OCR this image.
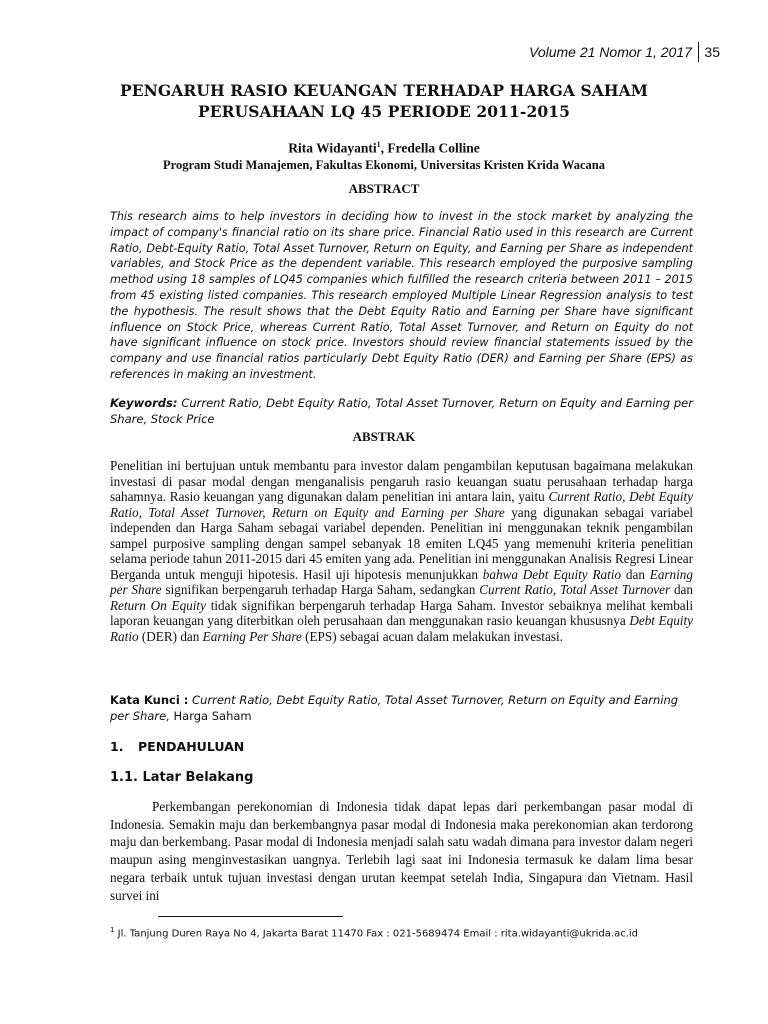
Volume 21 Nomor 1, 2017 35
PENGARUH RASIO KEUANGAN TERHADAP HARGA SAHAM
PERUSAHAAN LQ 45 PERIODE 2011-2015
Rita Widayanti$^1$, Fredella Colline
Program Studi Manajemen, Fakultas Ekonomi, Universitas Kristen Krida Wacana
ABSTRACT

This research aims to help investors in deciding how to invest in the stock market by analyzing the impact of company's financial ratio on its share price. Financial Ratio used in this research are Current Ratio, Debt-Equity Ratio, Total Asset Turnover, Return on Equity, and Earning per Share as independent variables, and Stock Price as the dependent variable. This research employed the purposive sampling method using 18 samples of LQ45 companies which fulfilled the research criteria between 2011 – 2015 from 45 existing listed companies. This research employed Multiple Linear Regression analysis to test the hypothesis. The result shows that the Debt Equity Ratio and Earning per Share have significant influence on Stock Price, whereas Current Ratio, Total Asset Turnover, and Return on Equity do not have significant influence on stock price. Investors should review financial statements issued by the company and use financial ratios particularly Debt Equity Ratio (DER) and Earning per Share (EPS) as references in making an investment.

Keywords: Current Ratio, Debt Equity Ratio, Total Asset Turnover, Return on Equity and Earning per Share, Stock Price

ABSTRAK

Penelitian ini bertujuan untuk membantu para investor dalam pengambilan keputusan bagaimana melakukan investasi di pasar modal dengan menganalisis pengaruh rasio keuangan suatu perusahaan terhadap harga sahamnya. Rasio keuangan yang digunakan dalam penelitian ini antara lain, yaitu Current Ratio, Debt Equity Ratio, Total Asset Turnover, Return on Equity and Earning per Share yang digunakan sebagai variabel independen dan Harga Saham sebagai variabel dependen. Penelitian ini menggunakan teknik pengambilan sampel purposive sampling dengan sampel sebanyak 18 emiten LQ45 yang memenuhi kriteria penelitian selama periode tahun 2011-2015 dari 45 emiten yang ada. Penelitian ini menggunakan Analisis Regresi Linear Berganda untuk menguji hipotesis. Hasil uji hipotesis menunjukkan bahwa Debt Equity Ratio dan Earning per Share signifikan berpengaruh terhadap Harga Saham, sedangkan Current Ratio, Total Asset Turnover dan Return On Equity tidak signifikan berpengaruh terhadap Harga Saham. Investor sebaiknya melihat kembali laporan keuangan yang diterbitkan oleh perusahaan dan menggunakan rasio keuangan khususnya Debt Equity Ratio (DER) dan Earning Per Share (EPS) sebagai acuan dalam melakukan investasi.

Kata Kunci : Current Ratio, Debt Equity Ratio, Total Asset Turnover, Return on Equity and Earning per Share, Harga Saham

1. PENDAHULUAN
1.1. Latar Belakang

Perkembangan perekonomian di Indonesia tidak dapat lepas dari perkembangan pasar modal di Indonesia. Semakin maju dan berkembangnya pasar modal di Indonesia maka perekonomian akan terdorong maju dan berkembang. Pasar modal di Indonesia menjadi salah satu wadah dimana para investor dalam negeri maupun asing menginvestasikan uangnya. Terlebih lagi saat ini Indonesia termasuk ke dalam lima besar negara terbaik untuk tujuan investasi dengan urutan keempat setelah India, Singapura dan Vietnam. Hasil survei ini

$^1$ Jl. Tanjung Duren Raya No 4, Jakarta Barat 11470 Fax : 021-5689474 Email : rita.widayanti@ukrida.ac.id
